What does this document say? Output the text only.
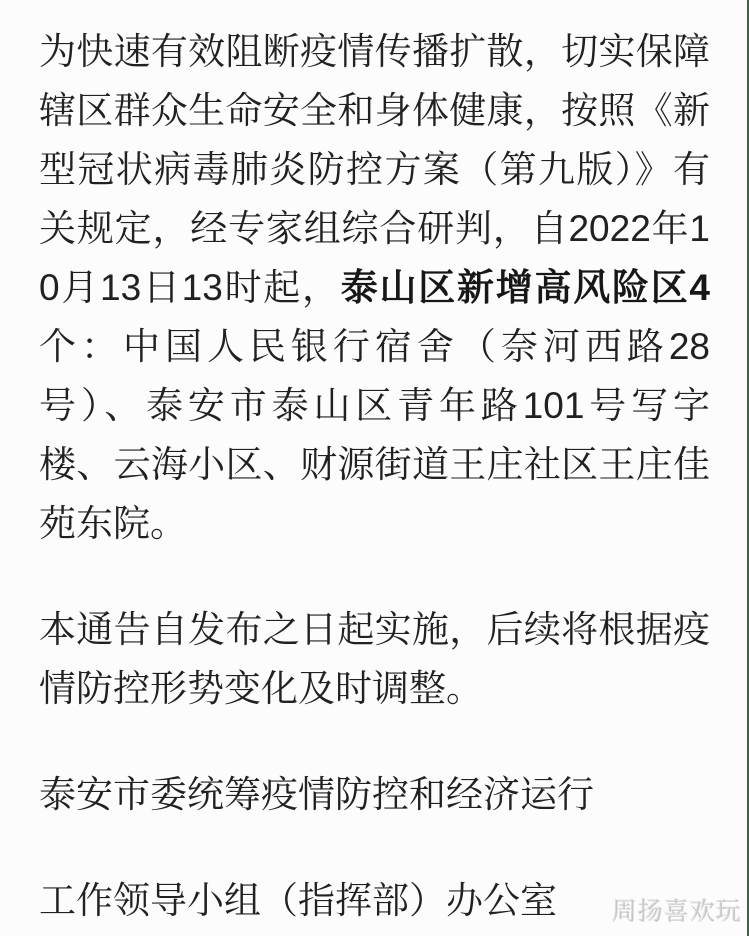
为快速有效阻断疫情传播扩散，切实保障辖区群众生命安全和身体健康，按照《新型冠状病毒肺炎防控方案（第九版）》有关规定，经专家组综合研判，自2022年10月13日13时起，泰山区新增高风险区4个：中国人民银行宿舍（奈河西路28号）、泰安市泰山区青年路101号写字楼、云海小区、财源街道王庄社区王庄佳苑东院。

本通告自发布之日起实施，后续将根据疫情防控形势变化及时调整。

泰安市委统筹疫情防控和经济运行

工作领导小组（指挥部）办公室	周扬喜欢玩
